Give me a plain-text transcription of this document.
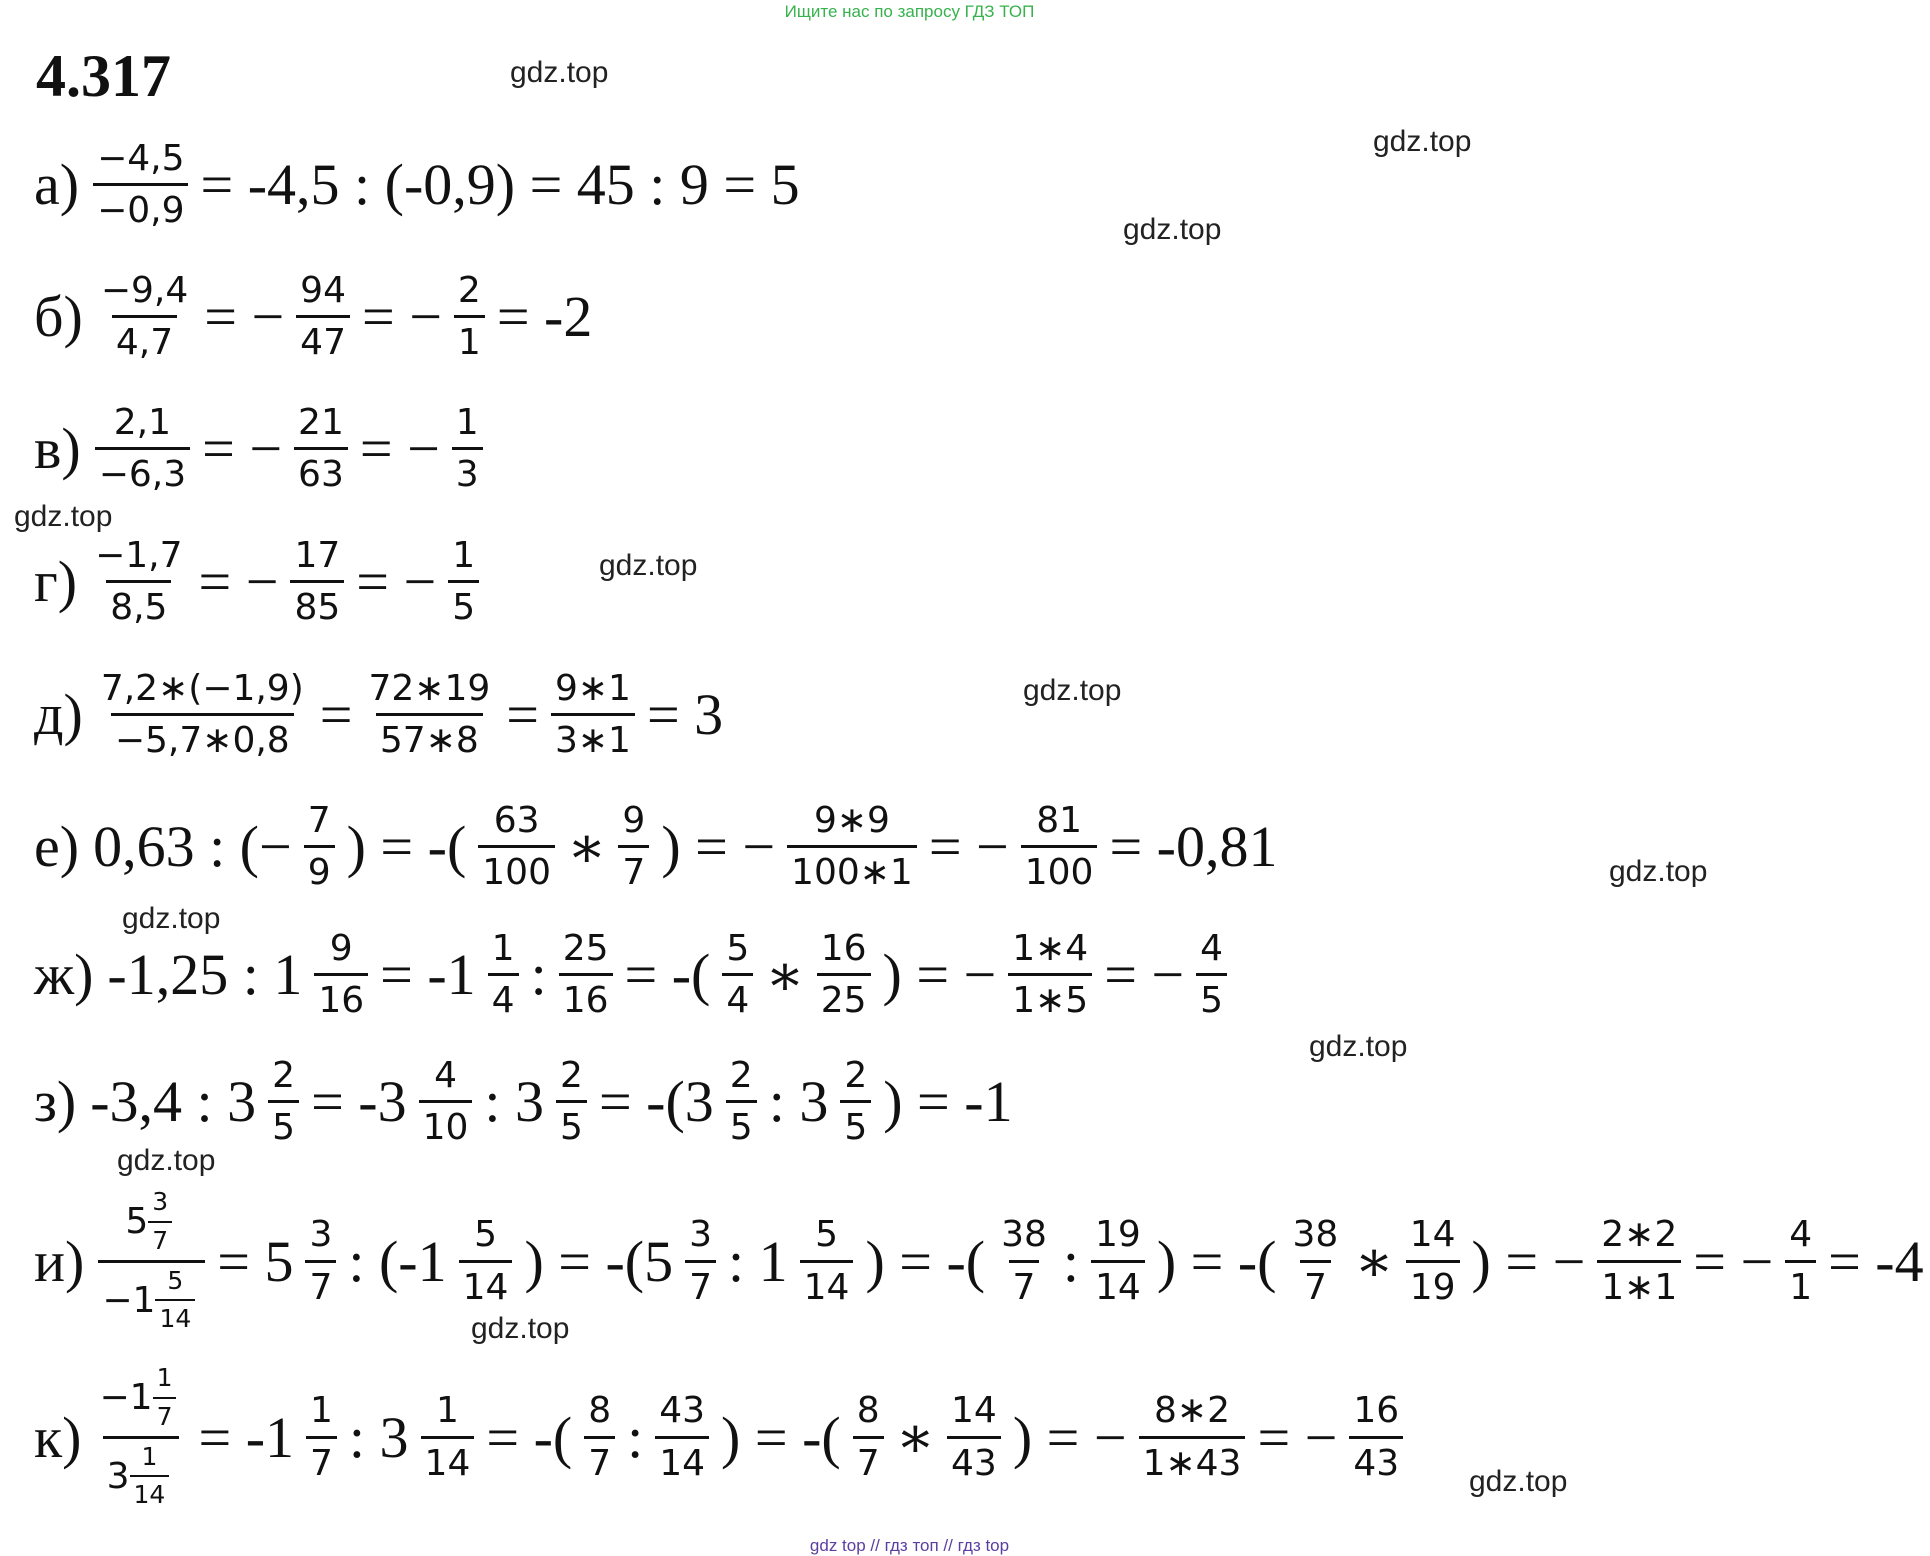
Ищите нас по запросу ГДЗ ТОП
gdz top // гдз топ // гдз top
4.317	gdz.top
gdz.top
gdz.top
gdz.top
gdz.top
gdz.top
gdz.top
gdz.top
gdz.top
gdz.top
gdz.top
gdz.top
$а) \frac{-4,5}{-0,9} = -4,5$ : (-0,9) = 45 : 9 = 5
$б) \frac{-9,4}{4,7}$ = − $\frac{94}{47}$ = − $\frac{2}{1} = -2$
$в) \frac{2,1}{-6,3}$ = − $\frac{21}{63}$ = − $\frac{1}{3}$
$г) \frac{-1,7}{8,5}$ = − $\frac{17}{85}$ = − $\frac{1}{5}$
$д) \frac{7,2∗(-1,9)}{-5,7∗0,8} = \frac{72∗19}{57∗8} = \frac{9∗1}{3∗1} = 3$
е) 0,63 : (− $\frac{7}{9}$ ) = -( $\frac{63}{100}$ ∗ $\frac{9}{7}$ ) = − $\frac{9∗9}{100∗1}$ = − $\frac{81}{100} = -0,81$
ж) -1,25 : $1 \frac{9}{16} = -1 \frac{1}{4}$ : $\frac{25}{16}$ = -( $\frac{5}{4}$ ∗ $\frac{16}{25}$ ) = − $\frac{1∗4}{1∗5}$ = − $\frac{4}{5}$
з) -3,4 : $3 \frac{2}{5} = -3 \frac{4}{10}$ : $3 \frac{2}{5} = -(3 \frac{2}{5}$ : $3 \frac{2}{5}$ ) = -1
$и) \frac{5 \frac{3}{7}}{-1 \frac{5}{14}} = 5 \frac{3}{7}$ : ($-1 \frac{5}{14}$ ) = $-(5 \frac{3}{7}$ : $1 \frac{5}{14}$ ) = -( $\frac{38}{7}$ : $\frac{19}{14}$ ) = -( $\frac{38}{7}$ ∗ $\frac{14}{19}$ ) = − $\frac{2∗2}{1∗1}$ = − $\frac{4}{1} = -4$
$к) \frac{-1 \frac{1}{7}}{3 \frac{1}{14}} = -1 \frac{1}{7}$ : $3 \frac{1}{14}$ = -( $\frac{8}{7}$ : $\frac{43}{14}$ ) = -( $\frac{8}{7}$ ∗ $\frac{14}{43}$ ) = − $\frac{8∗2}{1∗43}$ = − $\frac{16}{43}$
